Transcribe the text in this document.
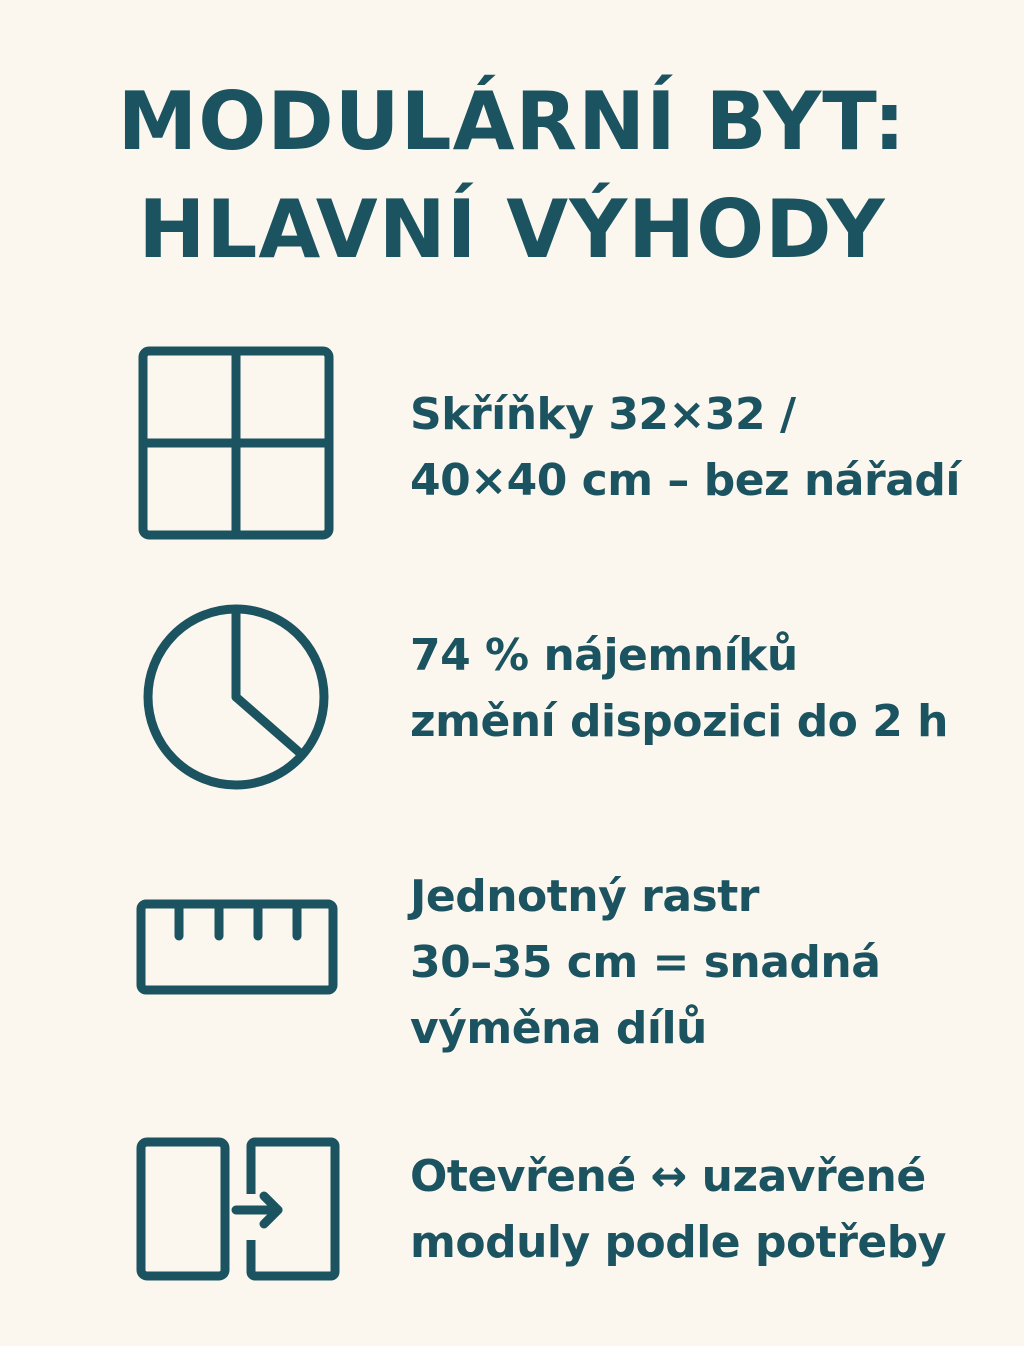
MODULÁRNÍ BYT:
HLAVNÍ VÝHODY
Skříňky 32×32 /
40×40 cm – bez nářadí
74 % nájemníků
změní dispozici do 2 h
Jednotný rastr
30–35 cm = snadná
výměna dílů
Otevřené ↔ uzavřené
moduly podle potřeby
